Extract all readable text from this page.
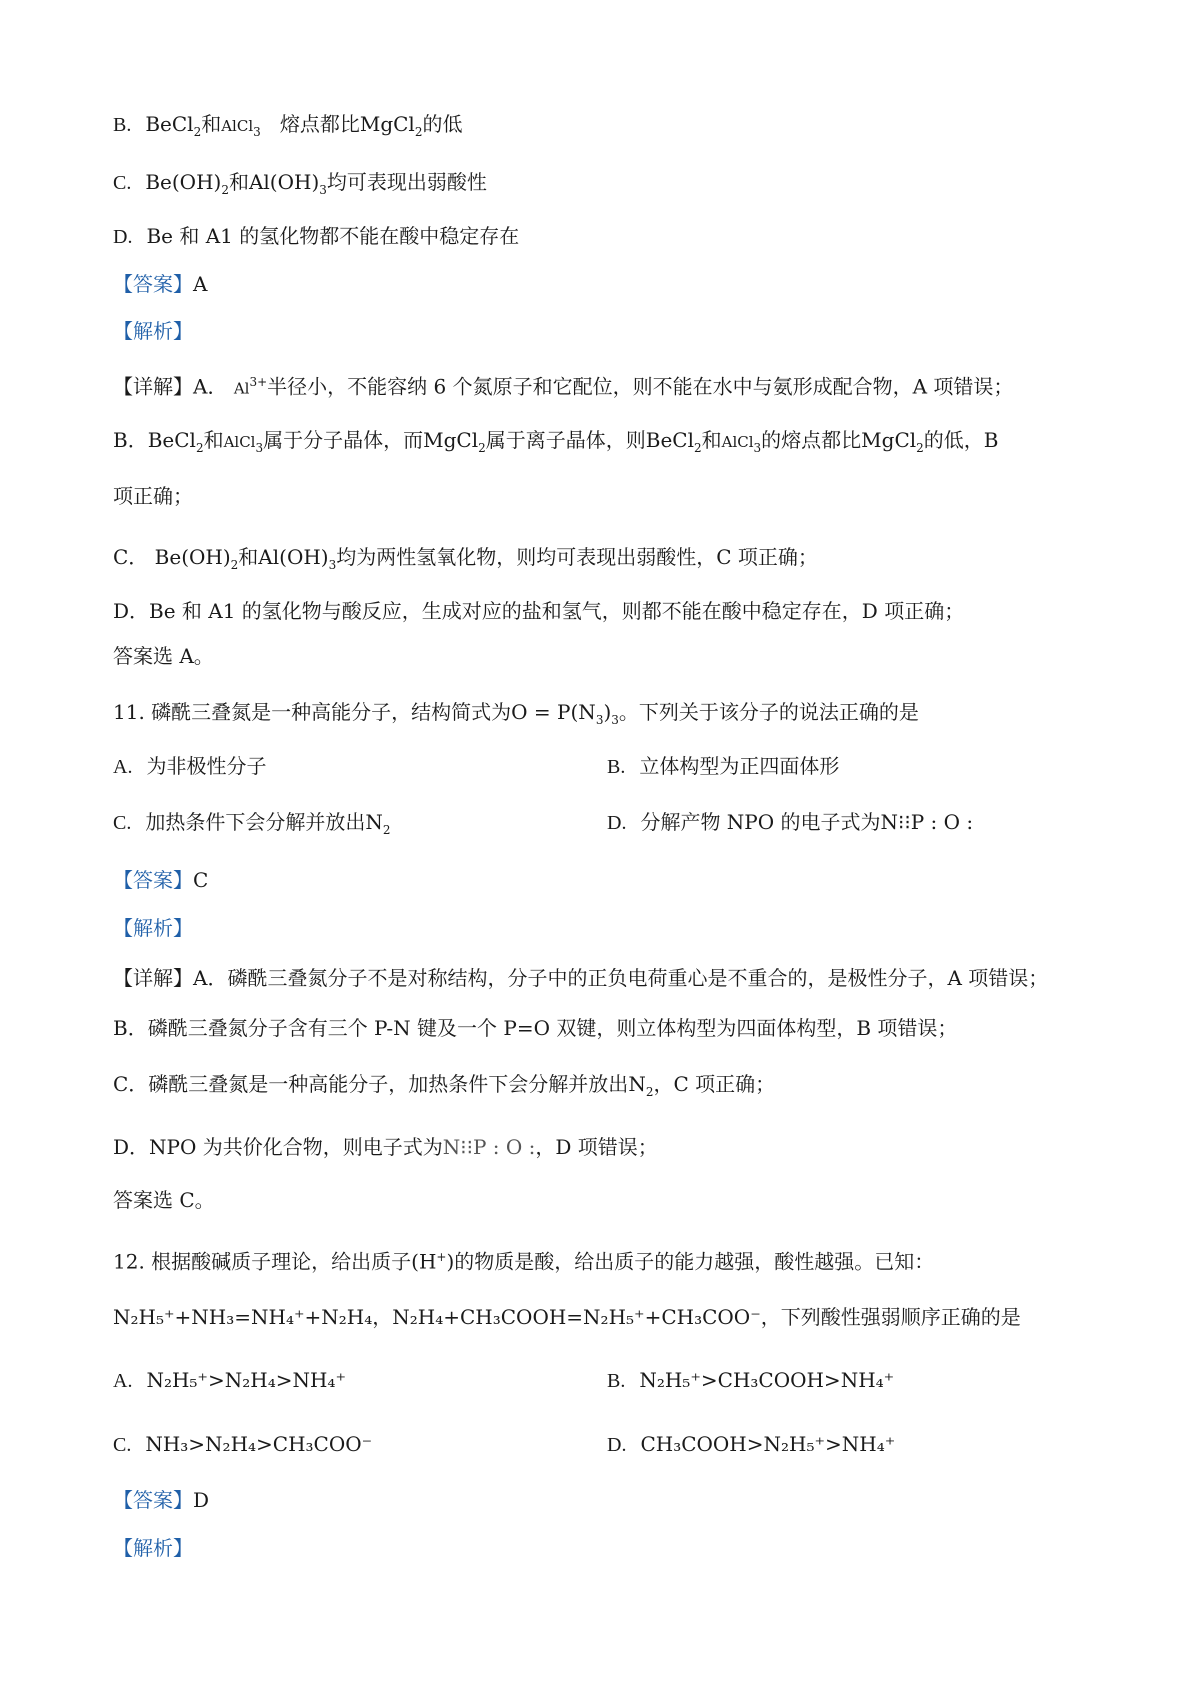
B. BeCl$_2$和AlCl$_3$ 熔点都比MgCl$_2$的低
C. $Be(OH)_2$和$Al(OH)_3$均可表现出弱酸性
D. Be 和 A1 的氢化物都不能在酸中稳定存在
【答案】A
【解析】
【详解】A． $Al^{3+}$半径小，不能容纳 6 个氮原子和它配位，则不能在水中与氨形成配合物，A 项错误；
B．BeCl$_2$和AlCl$_3$属于分子晶体，而MgCl$_2$属于离子晶体，则BeCl$_2$和AlCl$_3$的熔点都比MgCl$_2$的低，B
项正确；
C． $Be(OH)_2$和$Al(OH)_3$均为两性氢氧化物，则均可表现出弱酸性，C 项正确；
D．Be 和 A1 的氢化物与酸反应，生成对应的盐和氢气，则都不能在酸中稳定存在，D 项正确；
答案选 A。
11. 磷酰三叠氮是一种高能分子，结构简式为$O = P(N_3)_3$。下列关于该分子的说法正确的是
A. 为非极性分子	B. 立体构型为正四面体形
C. 加热条件下会分解并放出$N_2$	D. 分解产物 NPO 的电子式为N⁝⁝P : O :
【答案】C
【解析】
【详解】A．磷酰三叠氮分子不是对称结构，分子中的正负电荷重心是不重合的，是极性分子，A 项错误；
B．磷酰三叠氮分子含有三个 P-N 键及一个 P=O 双键，则立体构型为四面体构型，B 项错误；
C．磷酰三叠氮是一种高能分子，加热条件下会分解并放出$N_2$，C 项正确；
D．NPO 为共价化合物，则电子式为N⁝⁝P : O :，D 项错误；
答案选 C。
12. 根据酸碱质子理论，给出质子(H+)的物质是酸，给出质子的能力越强，酸性越强。已知：
N₂H₅⁺+NH₃=NH₄⁺+N₂H₄，N₂H₄+CH₃COOH=N₂H₅⁺+CH₃COO⁻，下列酸性强弱顺序正确的是
A. N₂H₅⁺>N₂H₄>NH₄⁺	B. N₂H₅⁺>CH₃COOH>NH₄⁺
C. NH₃>N₂H₄>CH₃COO⁻	D. CH₃COOH>N₂H₅⁺>NH₄⁺
【答案】D
【解析】
